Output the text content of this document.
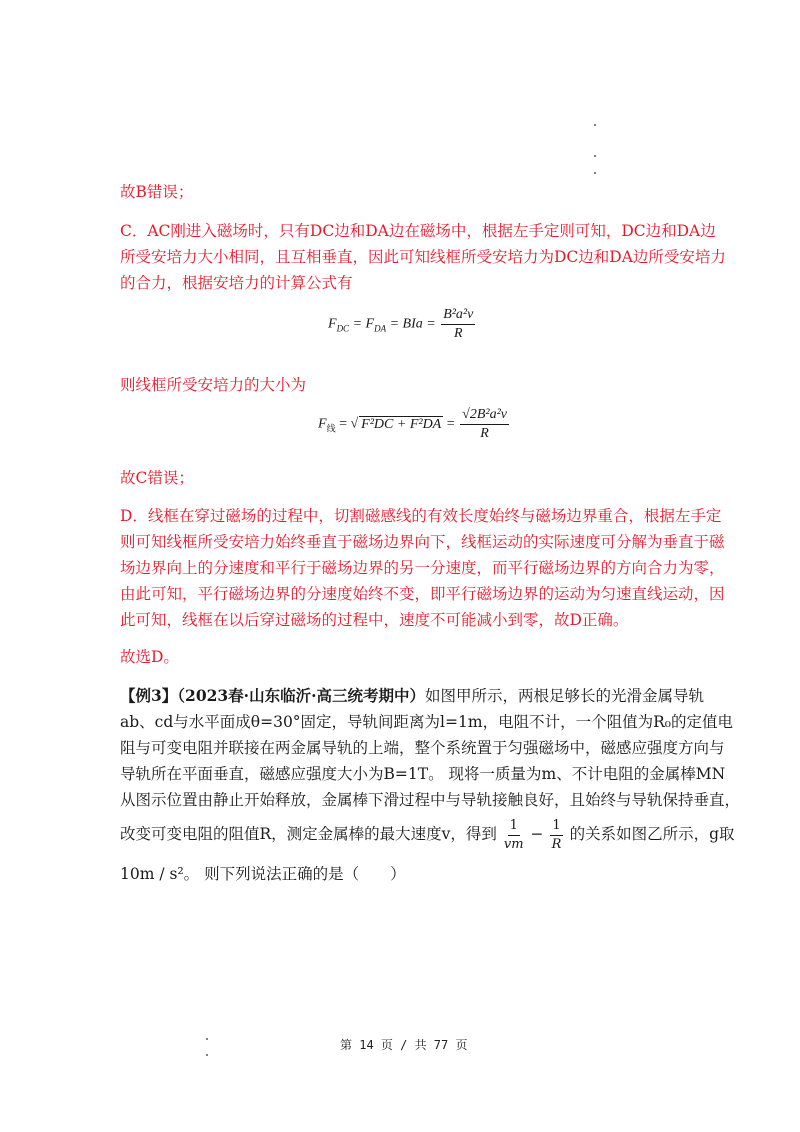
故B错误；
C．AC刚进入磁场时，只有DC边和DA边在磁场中，根据左手定则可知，DC边和DA边
所受安培力大小相同，且互相垂直，因此可知线框所受安培力为DC边和DA边所受安培力
的合力，根据安培力的计算公式有
$F_{DC} = F_{DA}$ = BIa = $\frac{\text{B²a²v}}{R}$
则线框所受安培力的大小为
$F_线$ = √ $F^2DC + F^2DA = \frac{\text{√2B²a²v}}{R}$
故C错误；
D．线框在穿过磁场的过程中，切割磁感线的有效长度始终与磁场边界重合，根据左手定
则可知线框所受安培力始终垂直于磁场边界向下，线框运动的实际速度可分解为垂直于磁
场边界向上的分速度和平行于磁场边界的另一分速度，而平行磁场边界的方向合力为零，
由此可知，平行磁场边界的分速度始终不变，即平行磁场边界的运动为匀速直线运动，因
此可知，线框在以后穿过磁场的过程中，速度不可能减小到零，故D正确。
故选D。
【例3】（2023春·山东临沂·高三统考期中）如图甲所示，两根足够长的光滑金属导轨
ab、cd与水平面成θ=30°固定，导轨间距离为l=1m，电阻不计，一个阻值为R₀的定值电
阻与可变电阻并联接在两金属导轨的上端，整个系统置于匀强磁场中，磁感应强度方向与
导轨所在平面垂直，磁感应强度大小为B=1T。 现将一质量为m、不计电阻的金属棒MN
从图示位置由静止开始释放，金属棒下滑过程中与导轨接触良好，且始终与导轨保持垂直，
改变可变电阻的阻值R，测定金属棒的最大速度v，得到 $\frac{1}{vm} - \frac{1}{R}$ 的关系如图乙所示，g取
10m / s²。 则下列说法正确的是（　　）
第 14 页 / 共 77 页
